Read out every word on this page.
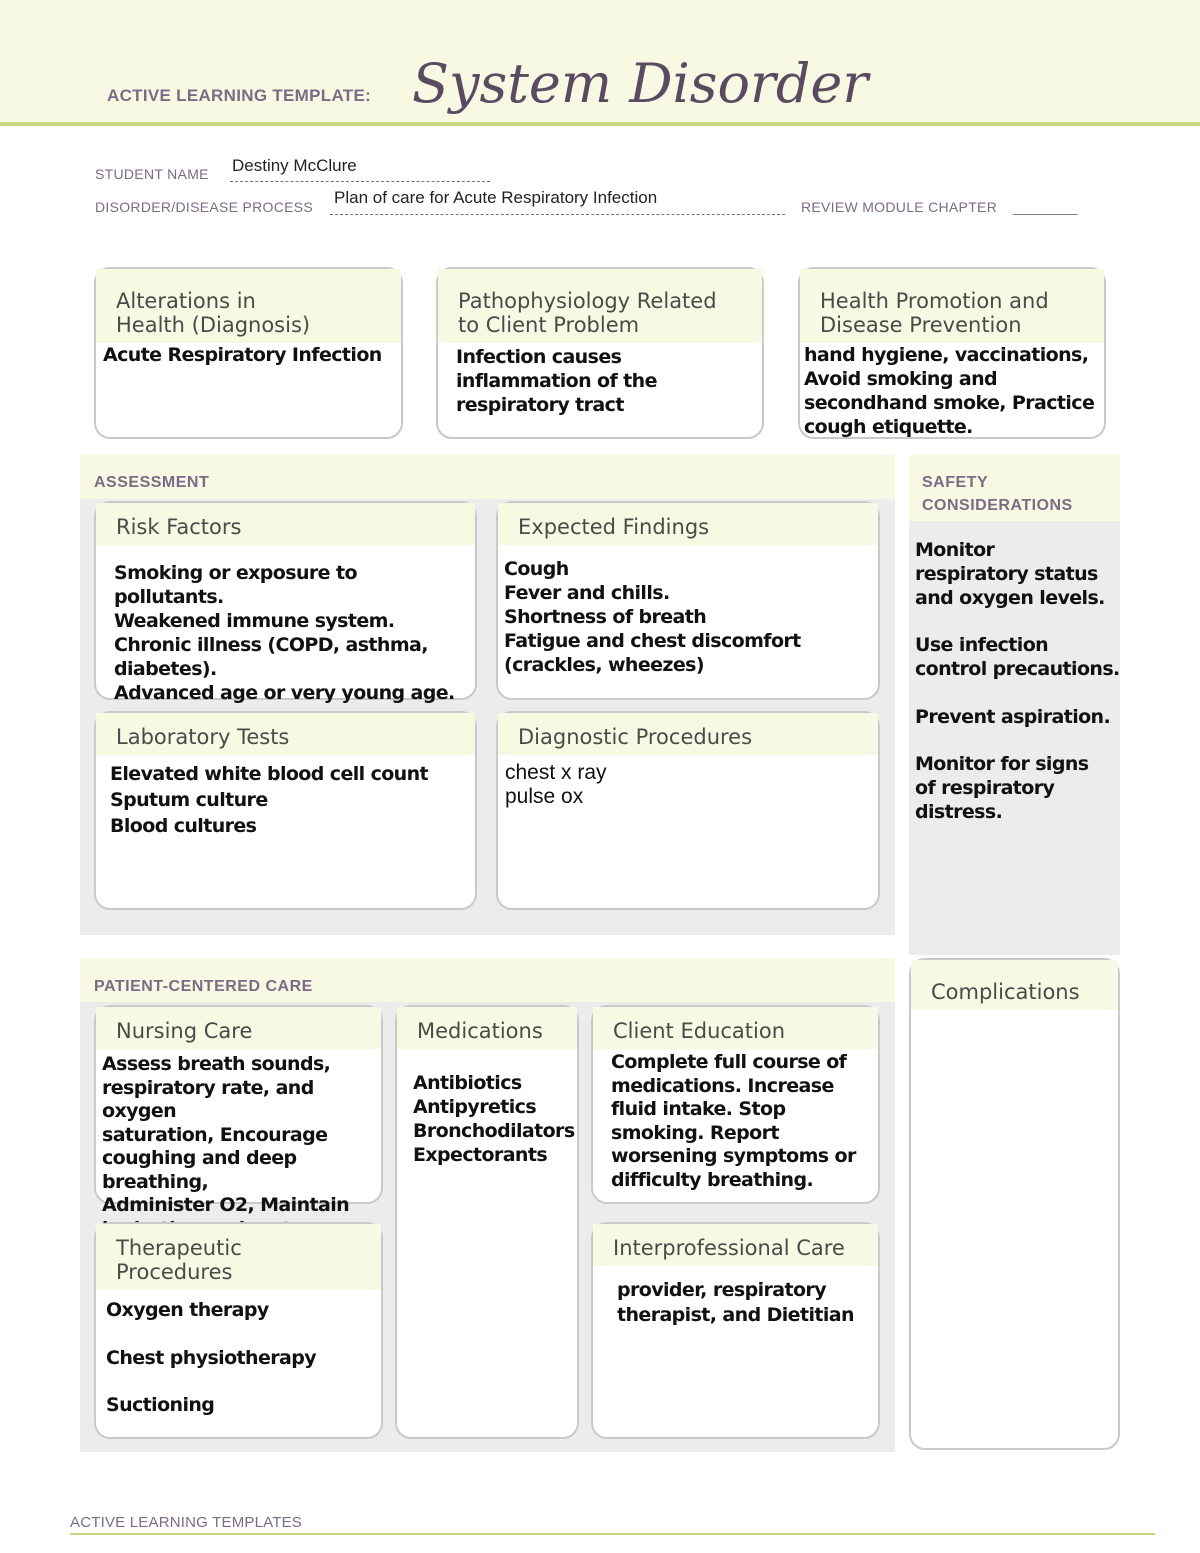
ACTIVE LEARNING TEMPLATE: System Disorder
STUDENT NAME Destiny McClure
DISORDER/DISEASE PROCESS Plan of care for Acute Respiratory Infection	REVIEW MODULE CHAPTER ________
Alterations in
Health (Diagnosis)
Acute Respiratory Infection
Pathophysiology Related
to Client Problem
Infection causes
inflammation of the
respiratory tract
Health Promotion and
Disease Prevention
hand hygiene, vaccinations,
Avoid smoking and
secondhand smoke, Practice
cough etiquette.
ASSESSMENT
Risk Factors
Smoking or exposure to pollutants.
Weakened immune system.
Chronic illness (COPD, asthma,
diabetes).
Advanced age or very young age.
Expected Findings
Cough
Fever and chills.
Shortness of breath
Fatigue and chest discomfort
(crackles, wheezes)
Laboratory Tests
Elevated white blood cell count
Sputum culture
Blood cultures
Diagnostic Procedures
chest x ray
pulse ox
SAFETY
CONSIDERATIONS
Monitor
respiratory status
and oxygen levels.
Use infection
control precautions.
Prevent aspiration.
Monitor for signs
of respiratory
distress.
PATIENT-CENTERED CARE
Nursing Care
Assess breath sounds,
respiratory rate, and oxygen
saturation, Encourage
coughing and deep breathing,
Administer O2, Maintain

Medications
Antibiotics
Antipyretics
Bronchodilators
Expectorants
Client Education
Complete full course of
medications. Increase
fluid intake. Stop
smoking. Report
worsening symptoms or
difficulty breathing.
Therapeutic Procedures
Oxygen therapy
Chest physiotherapy
Suctioning
Interprofessional Care
provider, respiratory
therapist, and Dietitian
Complications
ACTIVE LEARNING TEMPLATES
